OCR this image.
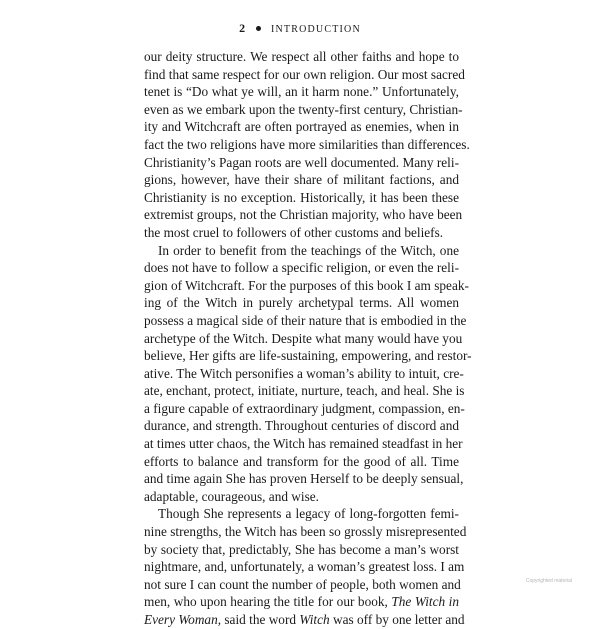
2 INTRODUCTION
our deity structure. We respect all other faiths and hope to
find that same respect for our own religion. Our most sacred
tenet is “Do what ye will, an it harm none.” Unfortunately,
even as we embark upon the twenty-first century, Christian-
ity and Witchcraft are often portrayed as enemies, when in
fact the two religions have more similarities than differences.
Christianity’s Pagan roots are well documented. Many reli-
gions, however, have their share of militant factions, and
Christianity is no exception. Historically, it has been these
extremist groups, not the Christian majority, who have been
the most cruel to followers of other customs and beliefs.
In order to benefit from the teachings of the Witch, one
does not have to follow a specific religion, or even the reli-
gion of Witchcraft. For the purposes of this book I am speak-
ing of the Witch in purely archetypal terms. All women
possess a magical side of their nature that is embodied in the
archetype of the Witch. Despite what many would have you
believe, Her gifts are life-sustaining, empowering, and restor-
ative. The Witch personifies a woman’s ability to intuit, cre-
ate, enchant, protect, initiate, nurture, teach, and heal. She is
a figure capable of extraordinary judgment, compassion, en-
durance, and strength. Throughout centuries of discord and
at times utter chaos, the Witch has remained steadfast in her
efforts to balance and transform for the good of all. Time
and time again She has proven Herself to be deeply sensual,
adaptable, courageous, and wise.
Though She represents a legacy of long-forgotten femi-
nine strengths, the Witch has been so grossly misrepresented
by society that, predictably, She has become a man’s worst
nightmare, and, unfortunately, a woman’s greatest loss. I am
not sure I can count the number of people, both women and
men, who upon hearing the title for our book, The Witch in
Every Woman, said the word Witch was off by one letter and
Copyrighted material
